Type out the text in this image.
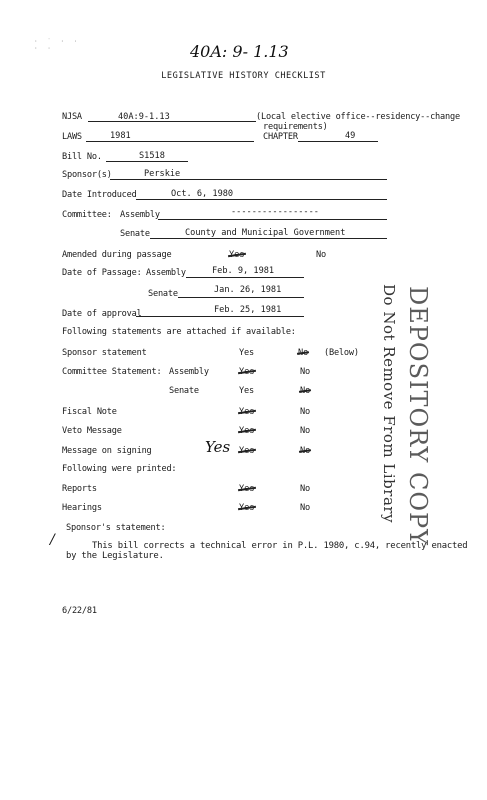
· ˙ · ·
· ·	40A: 9- 1.13
LEGISLATIVE HISTORY CHECKLIST
NJSA	40A:9-1.13	(Local elective office--residency--change
requirements)
LAWS	1981	CHAPTER	49
Bill No.	S1518
Sponsor(s)	Perskie
Date Introduced	Oct. 6, 1980
Committee: Assembly	-----------------
Senate	County and Municipal Government
Amended during passage	Yes	No
Date of Passage: Assembly	Feb. 9, 1981
Senate	Jan. 26, 1981
Date of approval	Feb. 25, 1981
Following statements are attached if available:
Sponsor statement	Yes	No (Below)
Committee Statement: Assembly	Yes	No
Senate	Yes	No
Fiscal Note	Yes	No
Veto Message	Yes	No
Message on signing	Yes Yes	No
Following were printed:
Reports	Yes	No
Hearings	Yes	No
Sponsor's statement:
/	This bill corrects a technical error in P.L. 1980, c.94, recently enacted
by the Legislature.
6/22/81
Do Not Remove From Library DEPOSITORY COPY
